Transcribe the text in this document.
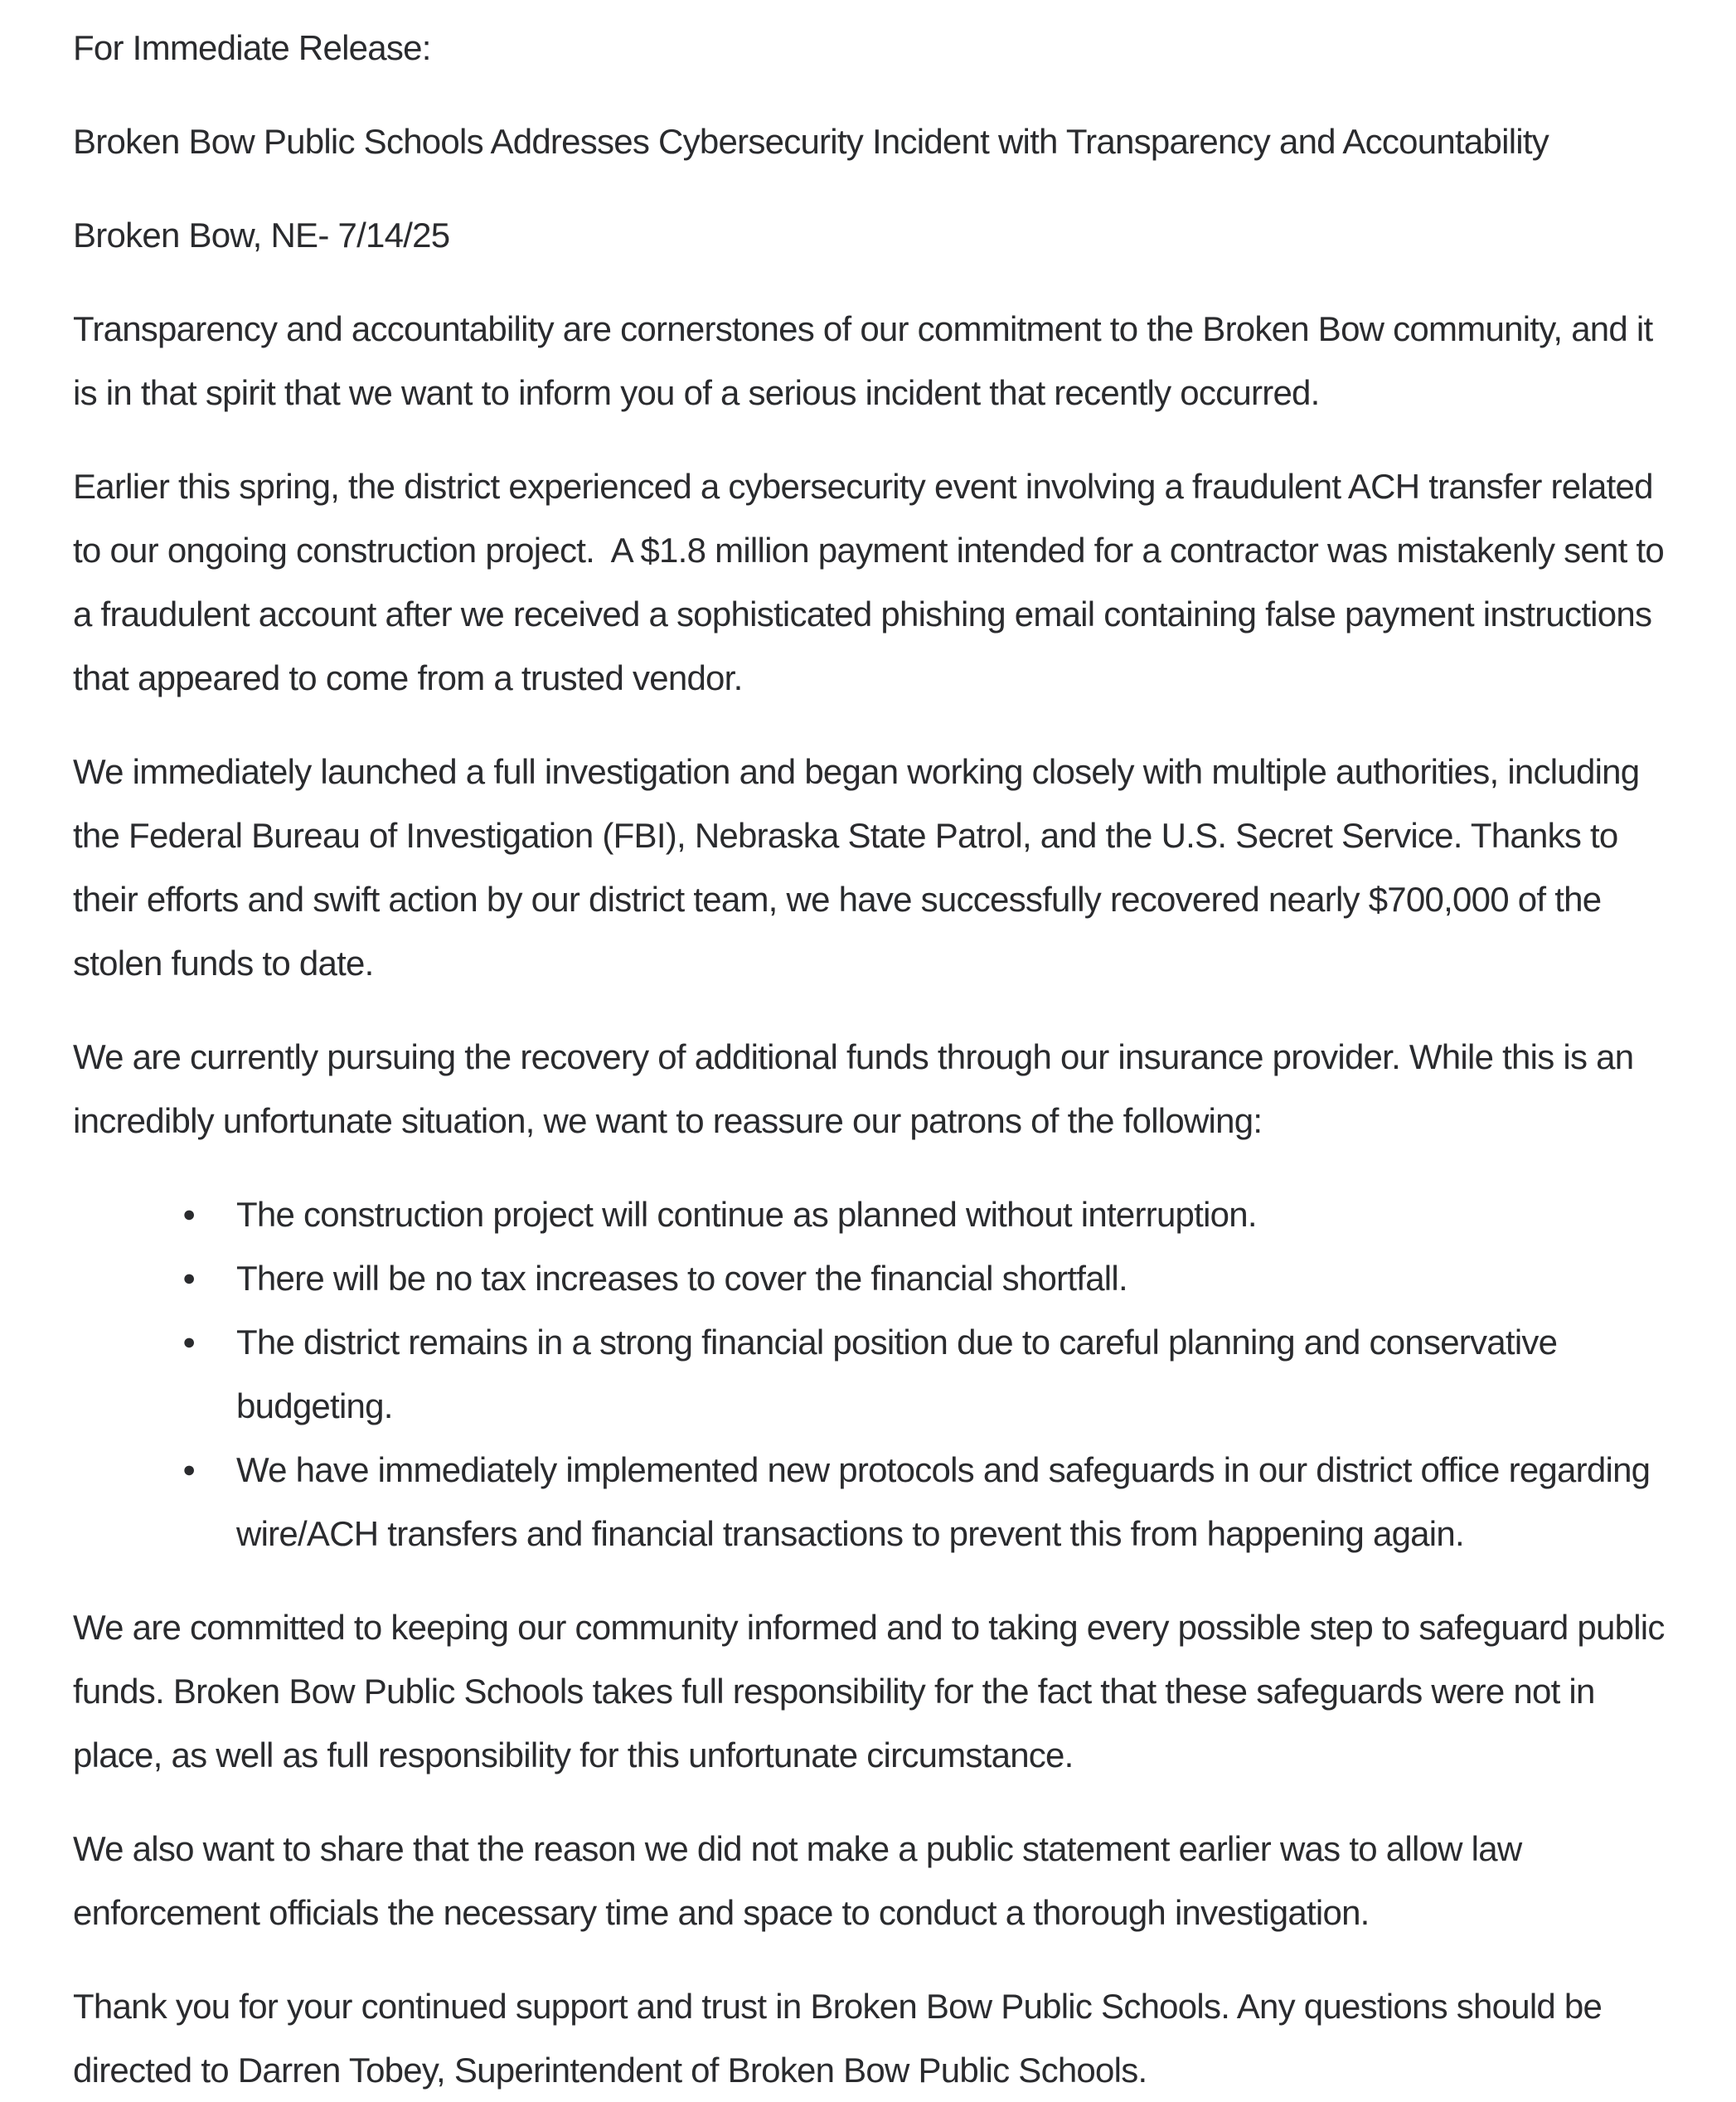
For Immediate Release:

Broken Bow Public Schools Addresses Cybersecurity Incident with Transparency and Accountability

Broken Bow, NE- 7/14/25

Transparency and accountability are cornerstones of our commitment to the Broken Bow community, and it is in that spirit that we want to inform you of a serious incident that recently occurred.

Earlier this spring, the district experienced a cybersecurity event involving a fraudulent ACH transfer related to our ongoing construction project.  A $1.8 million payment intended for a contractor was mistakenly sent to a fraudulent account after we received a sophisticated phishing email containing false payment instructions that appeared to come from a trusted vendor.

We immediately launched a full investigation and began working closely with multiple authorities, including the Federal Bureau of Investigation (FBI), Nebraska State Patrol, and the U.S. Secret Service. Thanks to their efforts and swift action by our district team, we have successfully recovered nearly $700,000 of the stolen funds to date.

We are currently pursuing the recovery of additional funds through our insurance provider. While this is an incredibly unfortunate situation, we want to reassure our patrons of the following:

●	The construction project will continue as planned without interruption.
●	There will be no tax increases to cover the financial shortfall.
●	The district remains in a strong financial position due to careful planning and conservative budgeting.
●	We have immediately implemented new protocols and safeguards in our district office regarding wire/ACH transfers and financial transactions to prevent this from happening again.

We are committed to keeping our community informed and to taking every possible step to safeguard public funds. Broken Bow Public Schools takes full responsibility for the fact that these safeguards were not in place, as well as full responsibility for this unfortunate circumstance.

We also want to share that the reason we did not make a public statement earlier was to allow law enforcement officials the necessary time and space to conduct a thorough investigation.

Thank you for your continued support and trust in Broken Bow Public Schools. Any questions should be directed to Darren Tobey, Superintendent of Broken Bow Public Schools.
